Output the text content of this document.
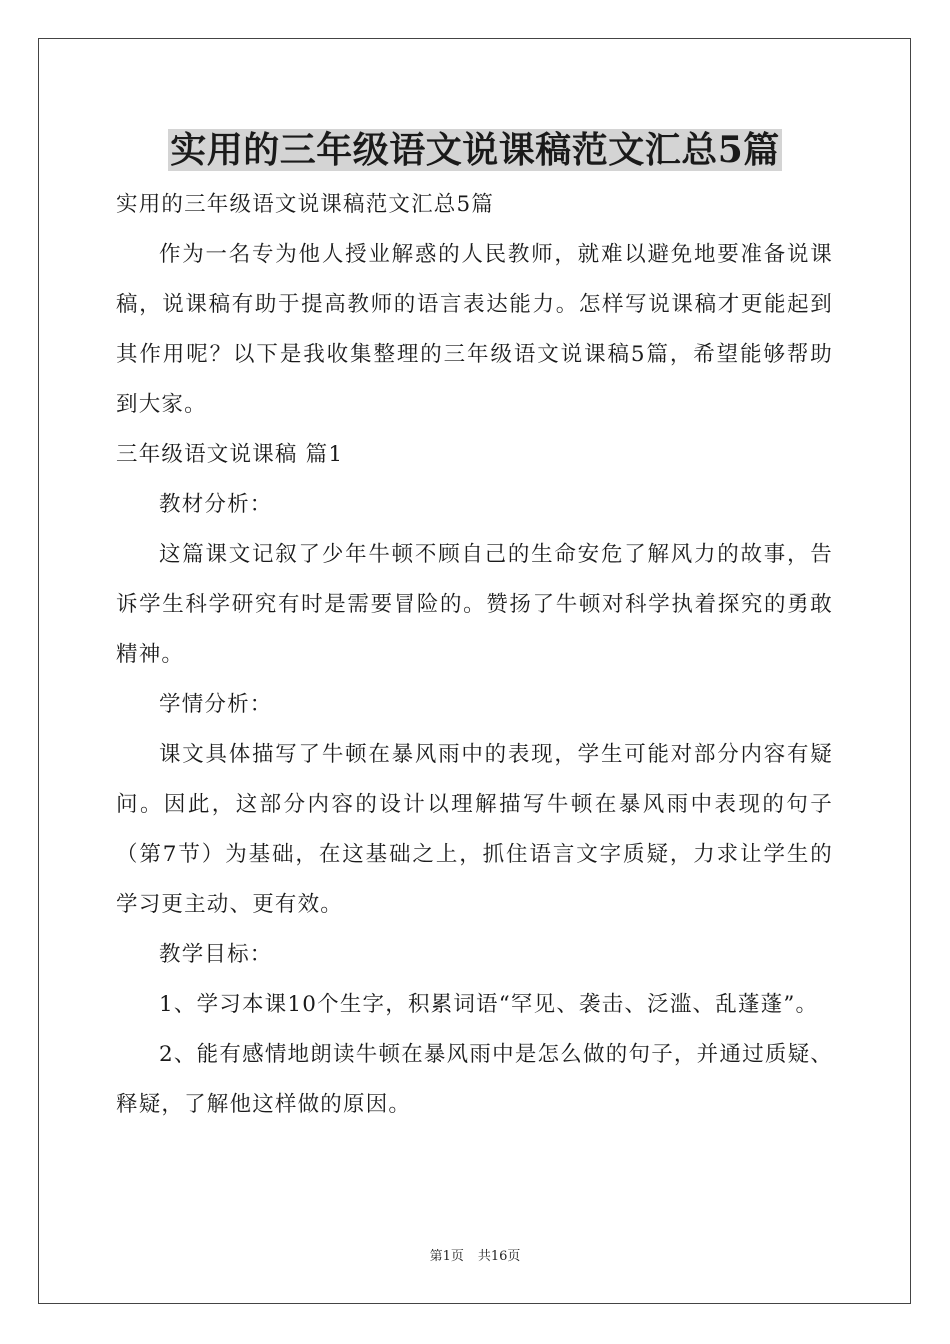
实用的三年级语文说课稿范文汇总5篇

实用的三年级语文说课稿范文汇总5篇

作为一名专为他人授业解惑的人民教师，就难以避免地要准备说课稿，说课稿有助于提高教师的语言表达能力。怎样写说课稿才更能起到其作用呢？以下是我收集整理的三年级语文说课稿5篇，希望能够帮助到大家。

三年级语文说课稿 篇1

教材分析：

这篇课文记叙了少年牛顿不顾自己的生命安危了解风力的故事，告诉学生科学研究有时是需要冒险的。赞扬了牛顿对科学执着探究的勇敢精神。

学情分析：

课文具体描写了牛顿在暴风雨中的表现，学生可能对部分内容有疑问。因此，这部分内容的设计以理解描写牛顿在暴风雨中表现的句子（第7节）为基础，在这基础之上，抓住语言文字质疑，力求让学生的学习更主动、更有效。

教学目标：

1、学习本课10个生字，积累词语“罕见、袭击、泛滥、乱蓬蓬”。

2、能有感情地朗读牛顿在暴风雨中是怎么做的句子，并通过质疑、释疑，了解他这样做的原因。

第1页 共16页
